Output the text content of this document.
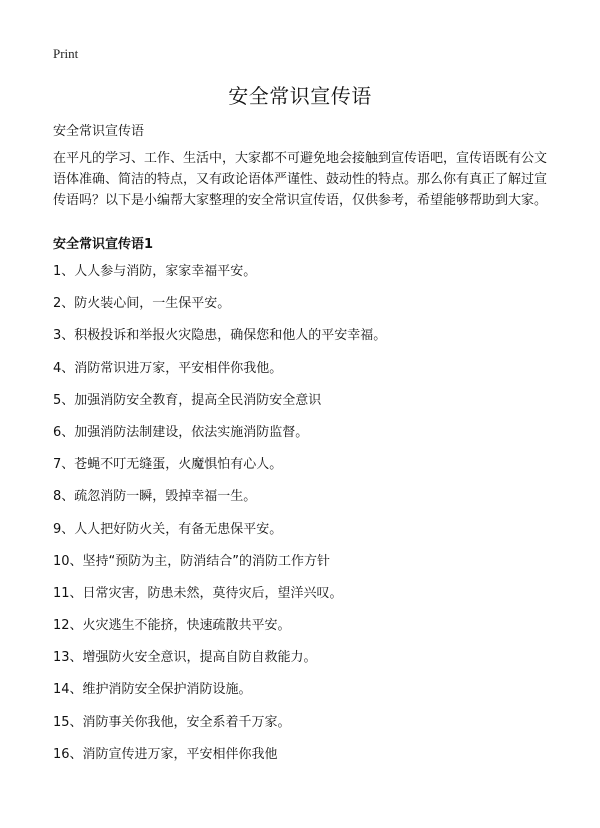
Print
安全常识宣传语
安全常识宣传语

在平凡的学习、工作、生活中，大家都不可避免地会接触到宣传语吧，宣传语既有公文语体准确、简洁的特点，又有政论语体严谨性、鼓动性的特点。那么你有真正了解过宣传语吗？以下是小编帮大家整理的安全常识宣传语，仅供参考，希望能够帮助到大家。

安全常识宣传语1
1、人人参与消防，家家幸福平安。
2、防火装心间，一生保平安。
3、积极投诉和举报火灾隐患，确保您和他人的平安幸福。
4、消防常识进万家，平安相伴你我他。
5、加强消防安全教育，提高全民消防安全意识
6、加强消防法制建设，依法实施消防监督。
7、苍蝇不叮无缝蛋，火魔惧怕有心人。
8、疏忽消防一瞬，毁掉幸福一生。
9、人人把好防火关，有备无患保平安。
10、坚持“预防为主，防消结合”的消防工作方针
11、日常灾害，防患未然，莫待灾后，望洋兴叹。
12、火灾逃生不能挤，快速疏散共平安。
13、增强防火安全意识，提高自防自救能力。
14、维护消防安全保护消防设施。
15、消防事关你我他，安全系着千万家。
16、消防宣传进万家，平安相伴你我他
